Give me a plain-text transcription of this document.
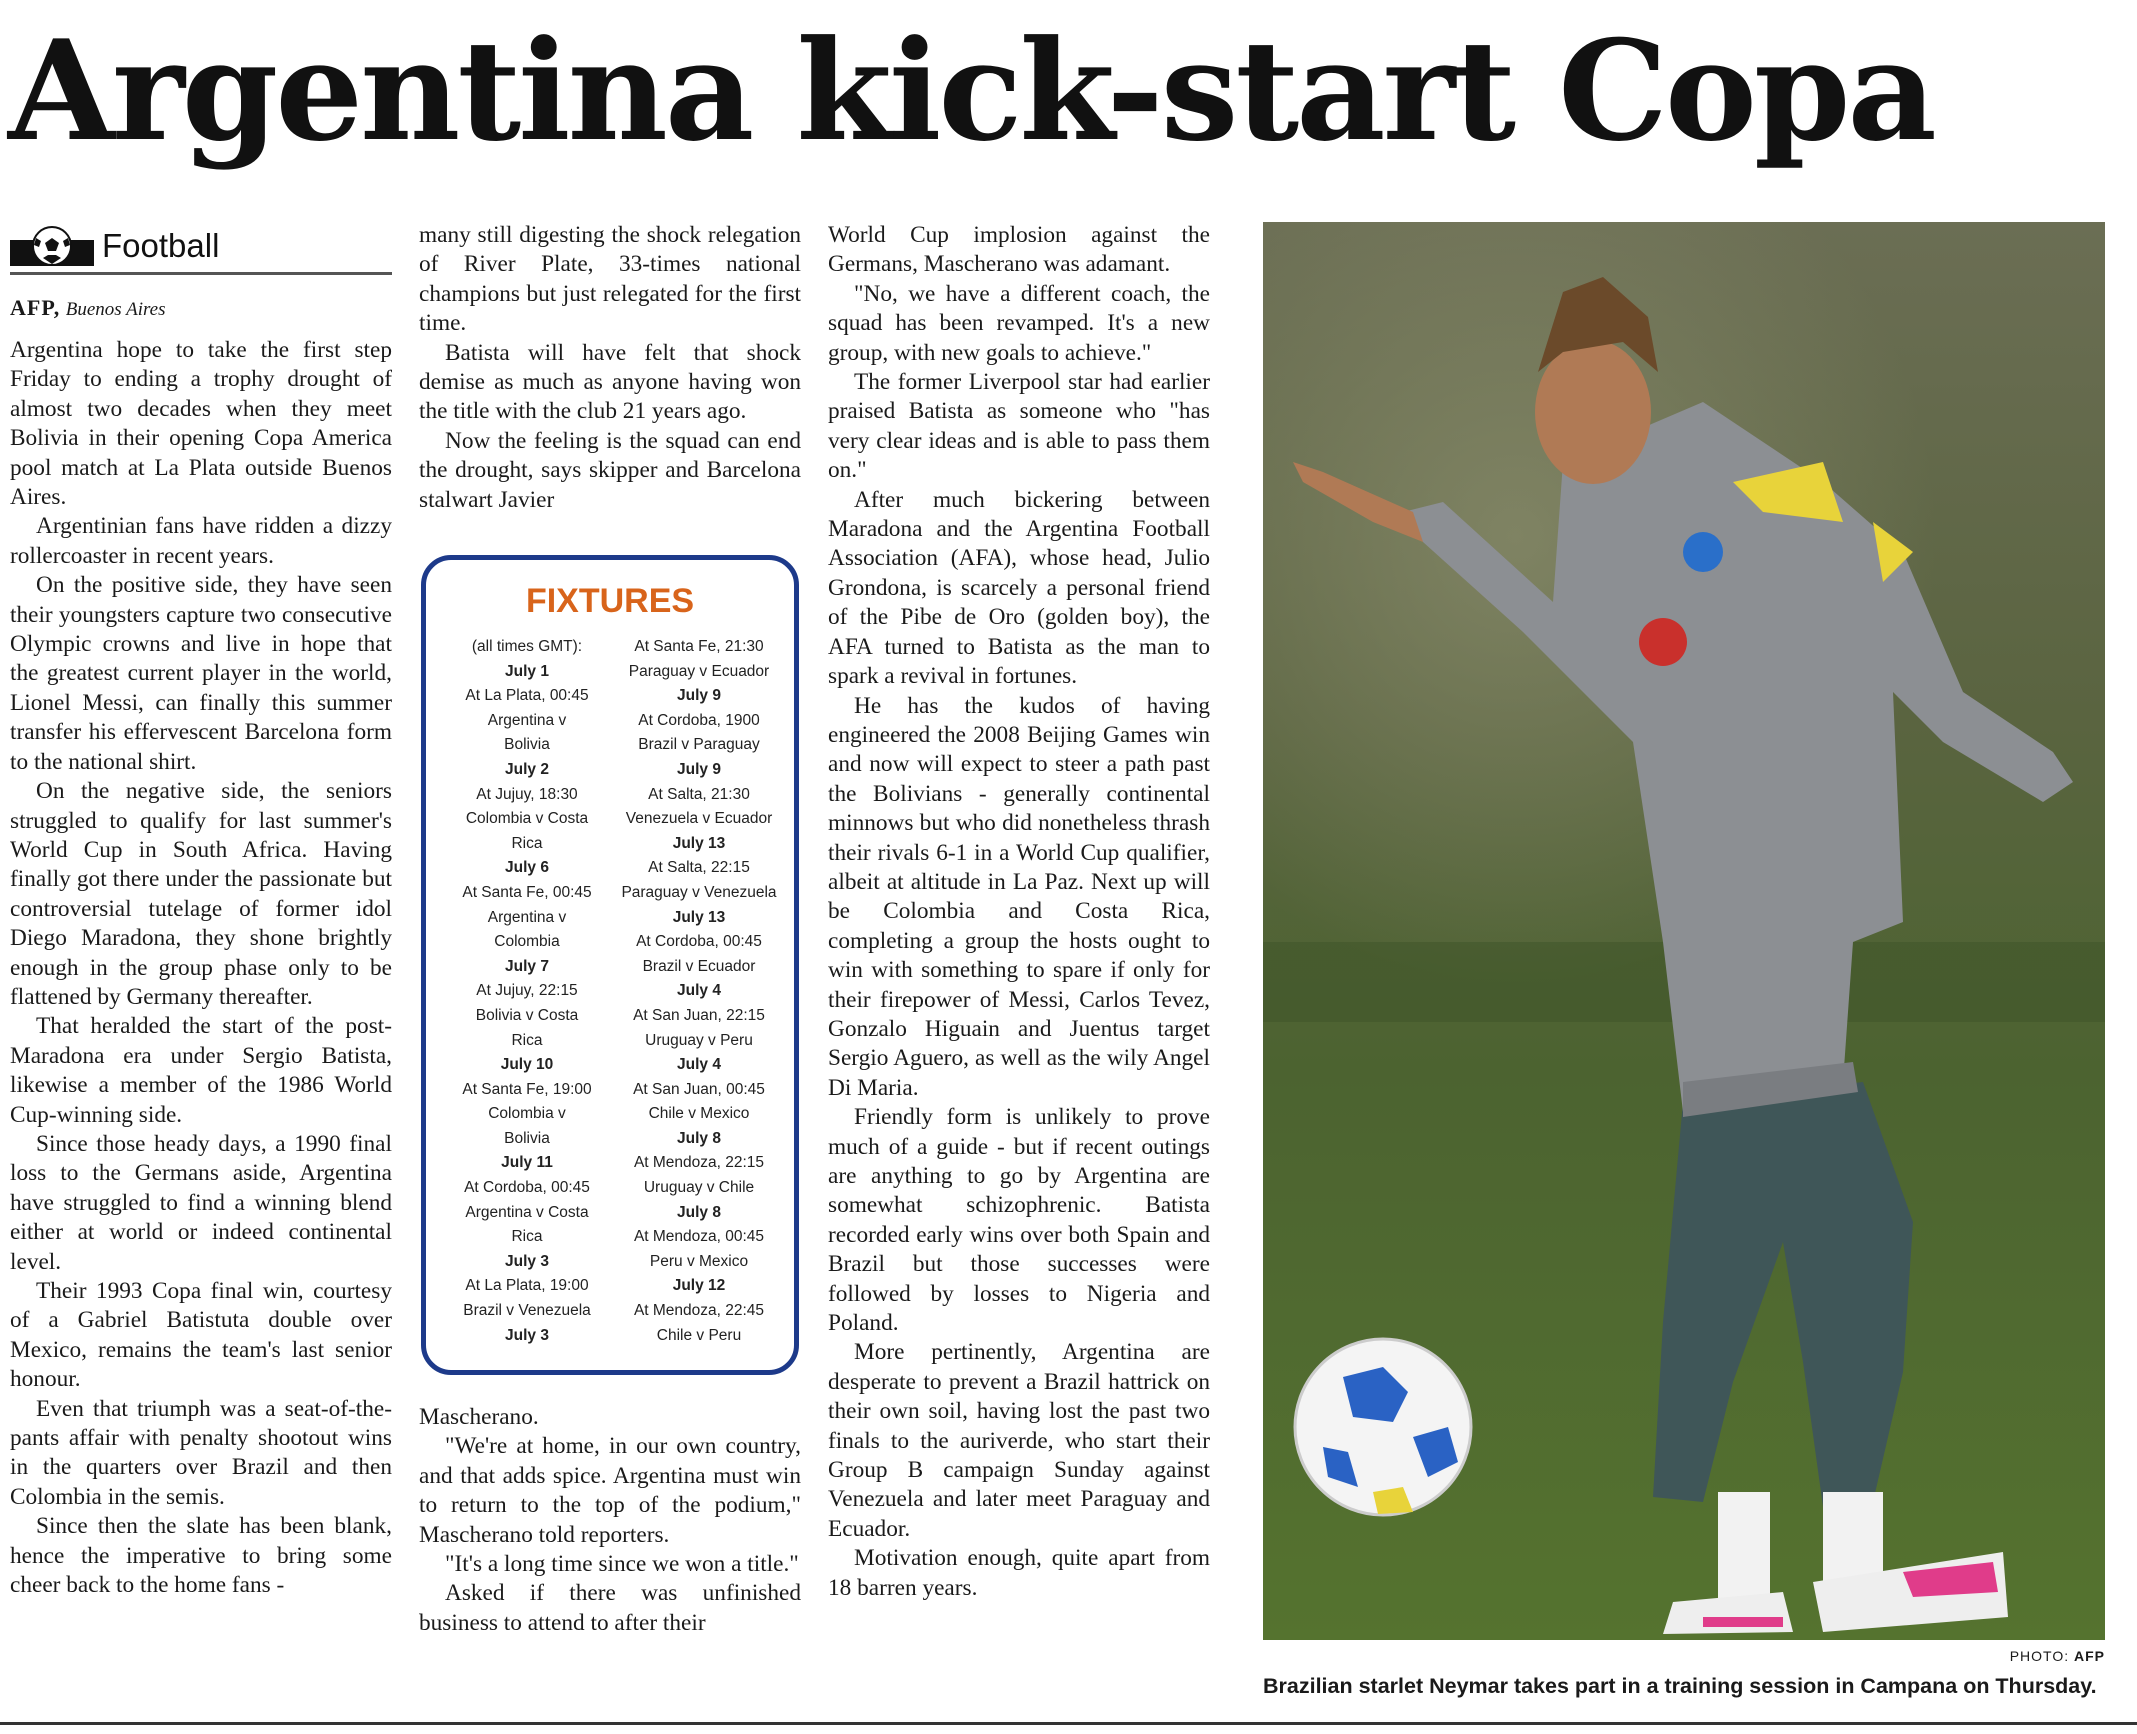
Argentina kick-start Copa
Football
AFP, Buenos Aires

Argentina hope to take the first step Friday to ending a trophy drought of almost two decades when they meet Bolivia in their opening Copa America pool match at La Plata outside Buenos Aires.

Argentinian fans have ridden a dizzy rollercoaster in recent years.

On the positive side, they have seen their youngsters capture two consecutive Olympic crowns and live in hope that the greatest current player in the world, Lionel Messi, can finally this summer transfer his effervescent Barcelona form to the national shirt.

On the negative side, the seniors struggled to qualify for last summer's World Cup in South Africa. Having finally got there under the passionate but controversial tutelage of former idol Diego Maradona, they shone brightly enough in the group phase only to be flattened by Germany thereafter.

That heralded the start of the post-Maradona era under Sergio Batista, likewise a member of the 1986 World Cup-winning side.

Since those heady days, a 1990 final loss to the Germans aside, Argentina have struggled to find a winning blend either at world or indeed continental level.

Their 1993 Copa final win, courtesy of a Gabriel Batistuta double over Mexico, remains the team's last senior honour.

Even that triumph was a seat-of-the-pants affair with penalty shootout wins in the quarters over Brazil and then Colombia in the semis.

Since then the slate has been blank, hence the imperative to bring some cheer back to the home fans -

many still digesting the shock relegation of River Plate, 33-times national champions but just relegated for the first time.

Batista will have felt that shock demise as much as anyone having won the title with the club 21 years ago.

Now the feeling is the squad can end the drought, says skipper and Barcelona stalwart Javier

Mascherano.

"We're at home, in our own country, and that adds spice. Argentina must win to return to the top of the podium," Mascherano told reporters.

"It's a long time since we won a title."

Asked if there was unfinished business to attend to after their

World Cup implosion against the Germans, Mascherano was adamant.

"No, we have a different coach, the squad has been revamped. It's a new group, with new goals to achieve."

The former Liverpool star had earlier praised Batista as someone who "has very clear ideas and is able to pass them on."

After much bickering between Maradona and the Argentina Football Association (AFA), whose head, Julio Grondona, is scarcely a personal friend of the Pibe de Oro (golden boy), the AFA turned to Batista as the man to spark a revival in fortunes.

He has the kudos of having engineered the 2008 Beijing Games win and now will expect to steer a path past the Bolivians - generally continental minnows but who did nonetheless thrash their rivals 6-1 in a World Cup qualifier, albeit at altitude in La Paz. Next up will be Colombia and Costa Rica, completing a group the hosts ought to win with something to spare if only for their firepower of Messi, Carlos Tevez, Gonzalo Higuain and Juentus target Sergio Aguero, as well as the wily Angel Di Maria.

Friendly form is unlikely to prove much of a guide - but if recent outings are anything to go by Argentina are somewhat schizophrenic. Batista recorded early wins over both Spain and Brazil but those successes were followed by losses to Nigeria and Poland.

More pertinently, Argentina are desperate to prevent a Brazil hattrick on their own soil, having lost the past two finals to the auriverde, who start their Group B campaign Sunday against Venezuela and later meet Paraguay and Ecuador.

Motivation enough, quite apart from 18 barren years.

FIXTURES
(all times GMT):
July 1
At La Plata, 00:45
Argentina v
Bolivia
July 2
At Jujuy, 18:30
Colombia v Costa
Rica
July 6
At Santa Fe, 00:45
Argentina v
Colombia
July 7
At Jujuy, 22:15
Bolivia v Costa
Rica
July 10
At Santa Fe, 19:00
Colombia v
Bolivia
July 11
At Cordoba, 00:45
Argentina v Costa
Rica
July 3
At La Plata, 19:00
Brazil v Venezuela
July 3
At Santa Fe, 21:30
Paraguay v Ecuador
July 9
At Cordoba, 1900
Brazil v Paraguay
July 9
At Salta, 21:30
Venezuela v Ecuador
July 13
At Salta, 22:15
Paraguay v Venezuela
July 13
At Cordoba, 00:45
Brazil v Ecuador
July 4
At San Juan, 22:15
Uruguay v Peru
July 4
At San Juan, 00:45
Chile v Mexico
July 8
At Mendoza, 22:15
Uruguay v Chile
July 8
At Mendoza, 00:45
Peru v Mexico
July 12
At Mendoza, 22:45
Chile v Peru
PHOTO: AFP
Brazilian starlet Neymar takes part in a training session in Campana on Thursday.
